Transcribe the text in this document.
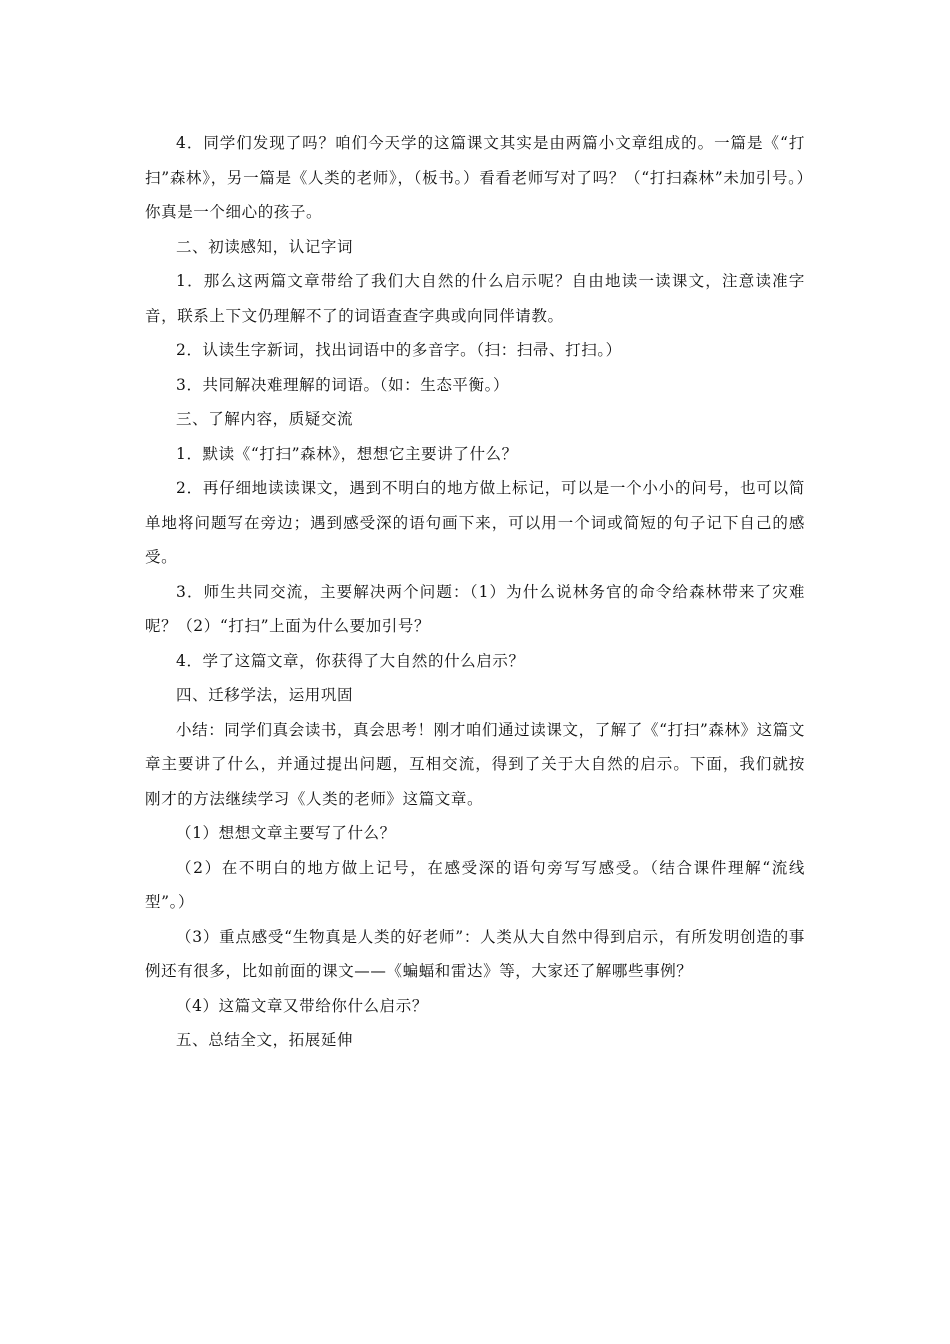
4．同学们发现了吗？咱们今天学的这篇课文其实是由两篇小文章组成的。一篇是《“打扫”森林》，另一篇是《人类的老师》，（板书。）看看老师写对了吗？（“打扫森林”未加引号。）你真是一个细心的孩子。

二、初读感知，认记字词

1．那么这两篇文章带给了我们大自然的什么启示呢？自由地读一读课文，注意读准字音，联系上下文仍理解不了的词语查查字典或向同伴请教。

2．认读生字新词，找出词语中的多音字。（扫：扫帚、打扫。）

3．共同解决难理解的词语。（如：生态平衡。）

三、了解内容，质疑交流

1．默读《“打扫”森林》，想想它主要讲了什么？

2．再仔细地读读课文，遇到不明白的地方做上标记，可以是一个小小的问号，也可以简单地将问题写在旁边；遇到感受深的语句画下来，可以用一个词或简短的句子记下自己的感受。

3．师生共同交流，主要解决两个问题：（1）为什么说林务官的命令给森林带来了灾难呢？（2）“打扫”上面为什么要加引号？

4．学了这篇文章，你获得了大自然的什么启示？

四、迁移学法，运用巩固

小结：同学们真会读书，真会思考！刚才咱们通过读课文，了解了《“打扫”森林》这篇文章主要讲了什么，并通过提出问题，互相交流，得到了关于大自然的启示。下面，我们就按刚才的方法继续学习《人类的老师》这篇文章。

（1）想想文章主要写了什么？

（2）在不明白的地方做上记号，在感受深的语句旁写写感受。（结合课件理解“流线型”。）

（3）重点感受“生物真是人类的好老师”：人类从大自然中得到启示，有所发明创造的事例还有很多，比如前面的课文——《蝙蝠和雷达》等，大家还了解哪些事例？

（4）这篇文章又带给你什么启示？

五、总结全文，拓展延伸
